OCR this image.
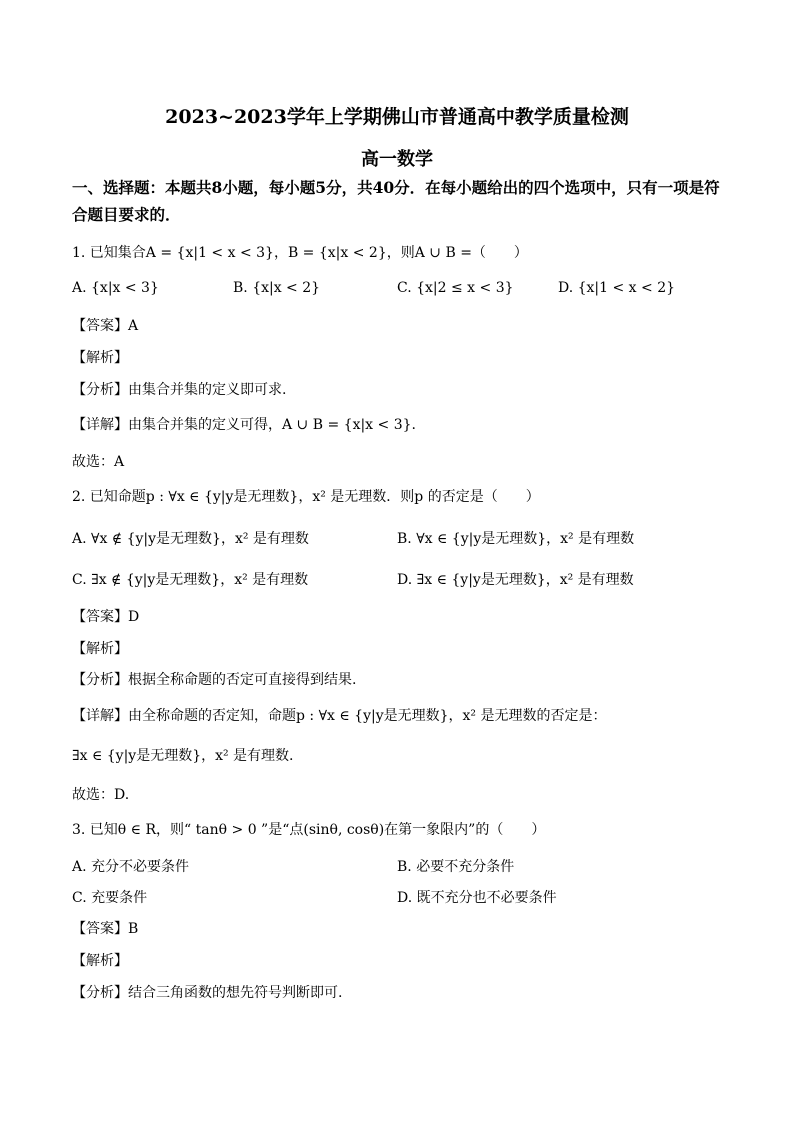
2023~2023学年上学期佛山市普通高中教学质量检测
高一数学
一、选择题：本题共8小题，每小题5分，共40分．在每小题给出的四个选项中，只有一项是符合题目要求的．
1. 已知集合A = {x|1 < x < 3}，B = {x|x < 2}，则A ∪ B =（　　）
A. {x|x < 3}	B. {x|x < 2}	C. {x|2 ≤ x < 3}	D. {x|1 < x < 2}
【答案】A
【解析】
【分析】由集合并集的定义即可求.
【详解】由集合并集的定义可得，A ∪ B = {x|x < 3}.
故选：A
2. 已知命题p : ∀x ∈ {y|y是无理数}，x² 是无理数．则p 的否定是（　　）
A. ∀x ∉ {y|y是无理数}，x² 是有理数	B. ∀x ∈ {y|y是无理数}，x² 是有理数
C. ∃x ∉ {y|y是无理数}，x² 是有理数	D. ∃x ∈ {y|y是无理数}，x² 是有理数
【答案】D
【解析】
【分析】根据全称命题的否定可直接得到结果.
【详解】由全称命题的否定知，命题p : ∀x ∈ {y|y是无理数}，x² 是无理数的否定是：
∃x ∈ {y|y是无理数}，x² 是有理数.
故选：D.
3. 已知θ ∈ R，则“ tanθ > 0 ”是“点(sinθ, cosθ)在第一象限内”的（　　）
A. 充分不必要条件	B. 必要不充分条件
C. 充要条件	D. 既不充分也不必要条件
【答案】B
【解析】
【分析】结合三角函数的想先符号判断即可.
